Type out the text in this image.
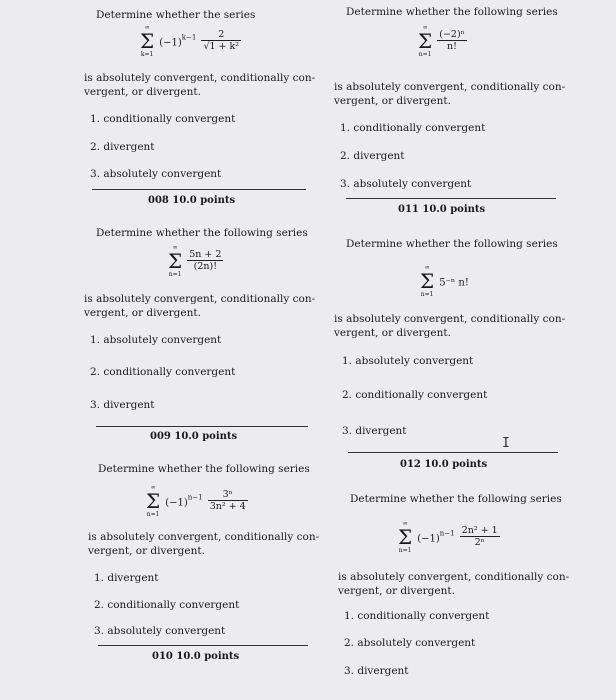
Determine whether the series
∞
Σ
k=1
$(-1)^{k-1} \frac{2}{\text{√1 + k²}}$
is absolutely convergent, conditionally con-
vergent, or divergent.
1. conditionally convergent
2. divergent
3. absolutely convergent
008 10.0 points
Determine whether the following series
∞
Σ
n=1

$\frac{5n + 2}{(2n)!}$
is absolutely convergent, conditionally con-
vergent, or divergent.
1. absolutely convergent
2. conditionally convergent
3. divergent
009 10.0 points
Determine whether the following series
∞
Σ
n=1
$(-1)^{n-1} \frac{\text{3ⁿ}}{\text{3n² + 4}}$
is absolutely convergent, conditionally con-
vergent, or divergent.
1. divergent
2. conditionally convergent
3. absolutely convergent
010 10.0 points
Determine whether the following series
∞
Σ
n=1

$\frac{\text{(−2)ⁿ}}{n!}$
is absolutely convergent, conditionally con-
vergent, or divergent.
1. conditionally convergent
2. divergent
3. absolutely convergent
011 10.0 points
Determine whether the following series
∞
Σ
n=1
5⁻ⁿ n!
is absolutely convergent, conditionally con-
vergent, or divergent.
1. absolutely convergent
2. conditionally convergent
3. divergent
I
012 10.0 points
Determine whether the following series
∞
Σ
n=1
$(-1)^{n-1} \frac{\text{2n² + 1}}{\text{2ⁿ}}$
is absolutely convergent, conditionally con-
vergent, or divergent.
1. conditionally convergent
2. absolutely convergent
3. divergent
